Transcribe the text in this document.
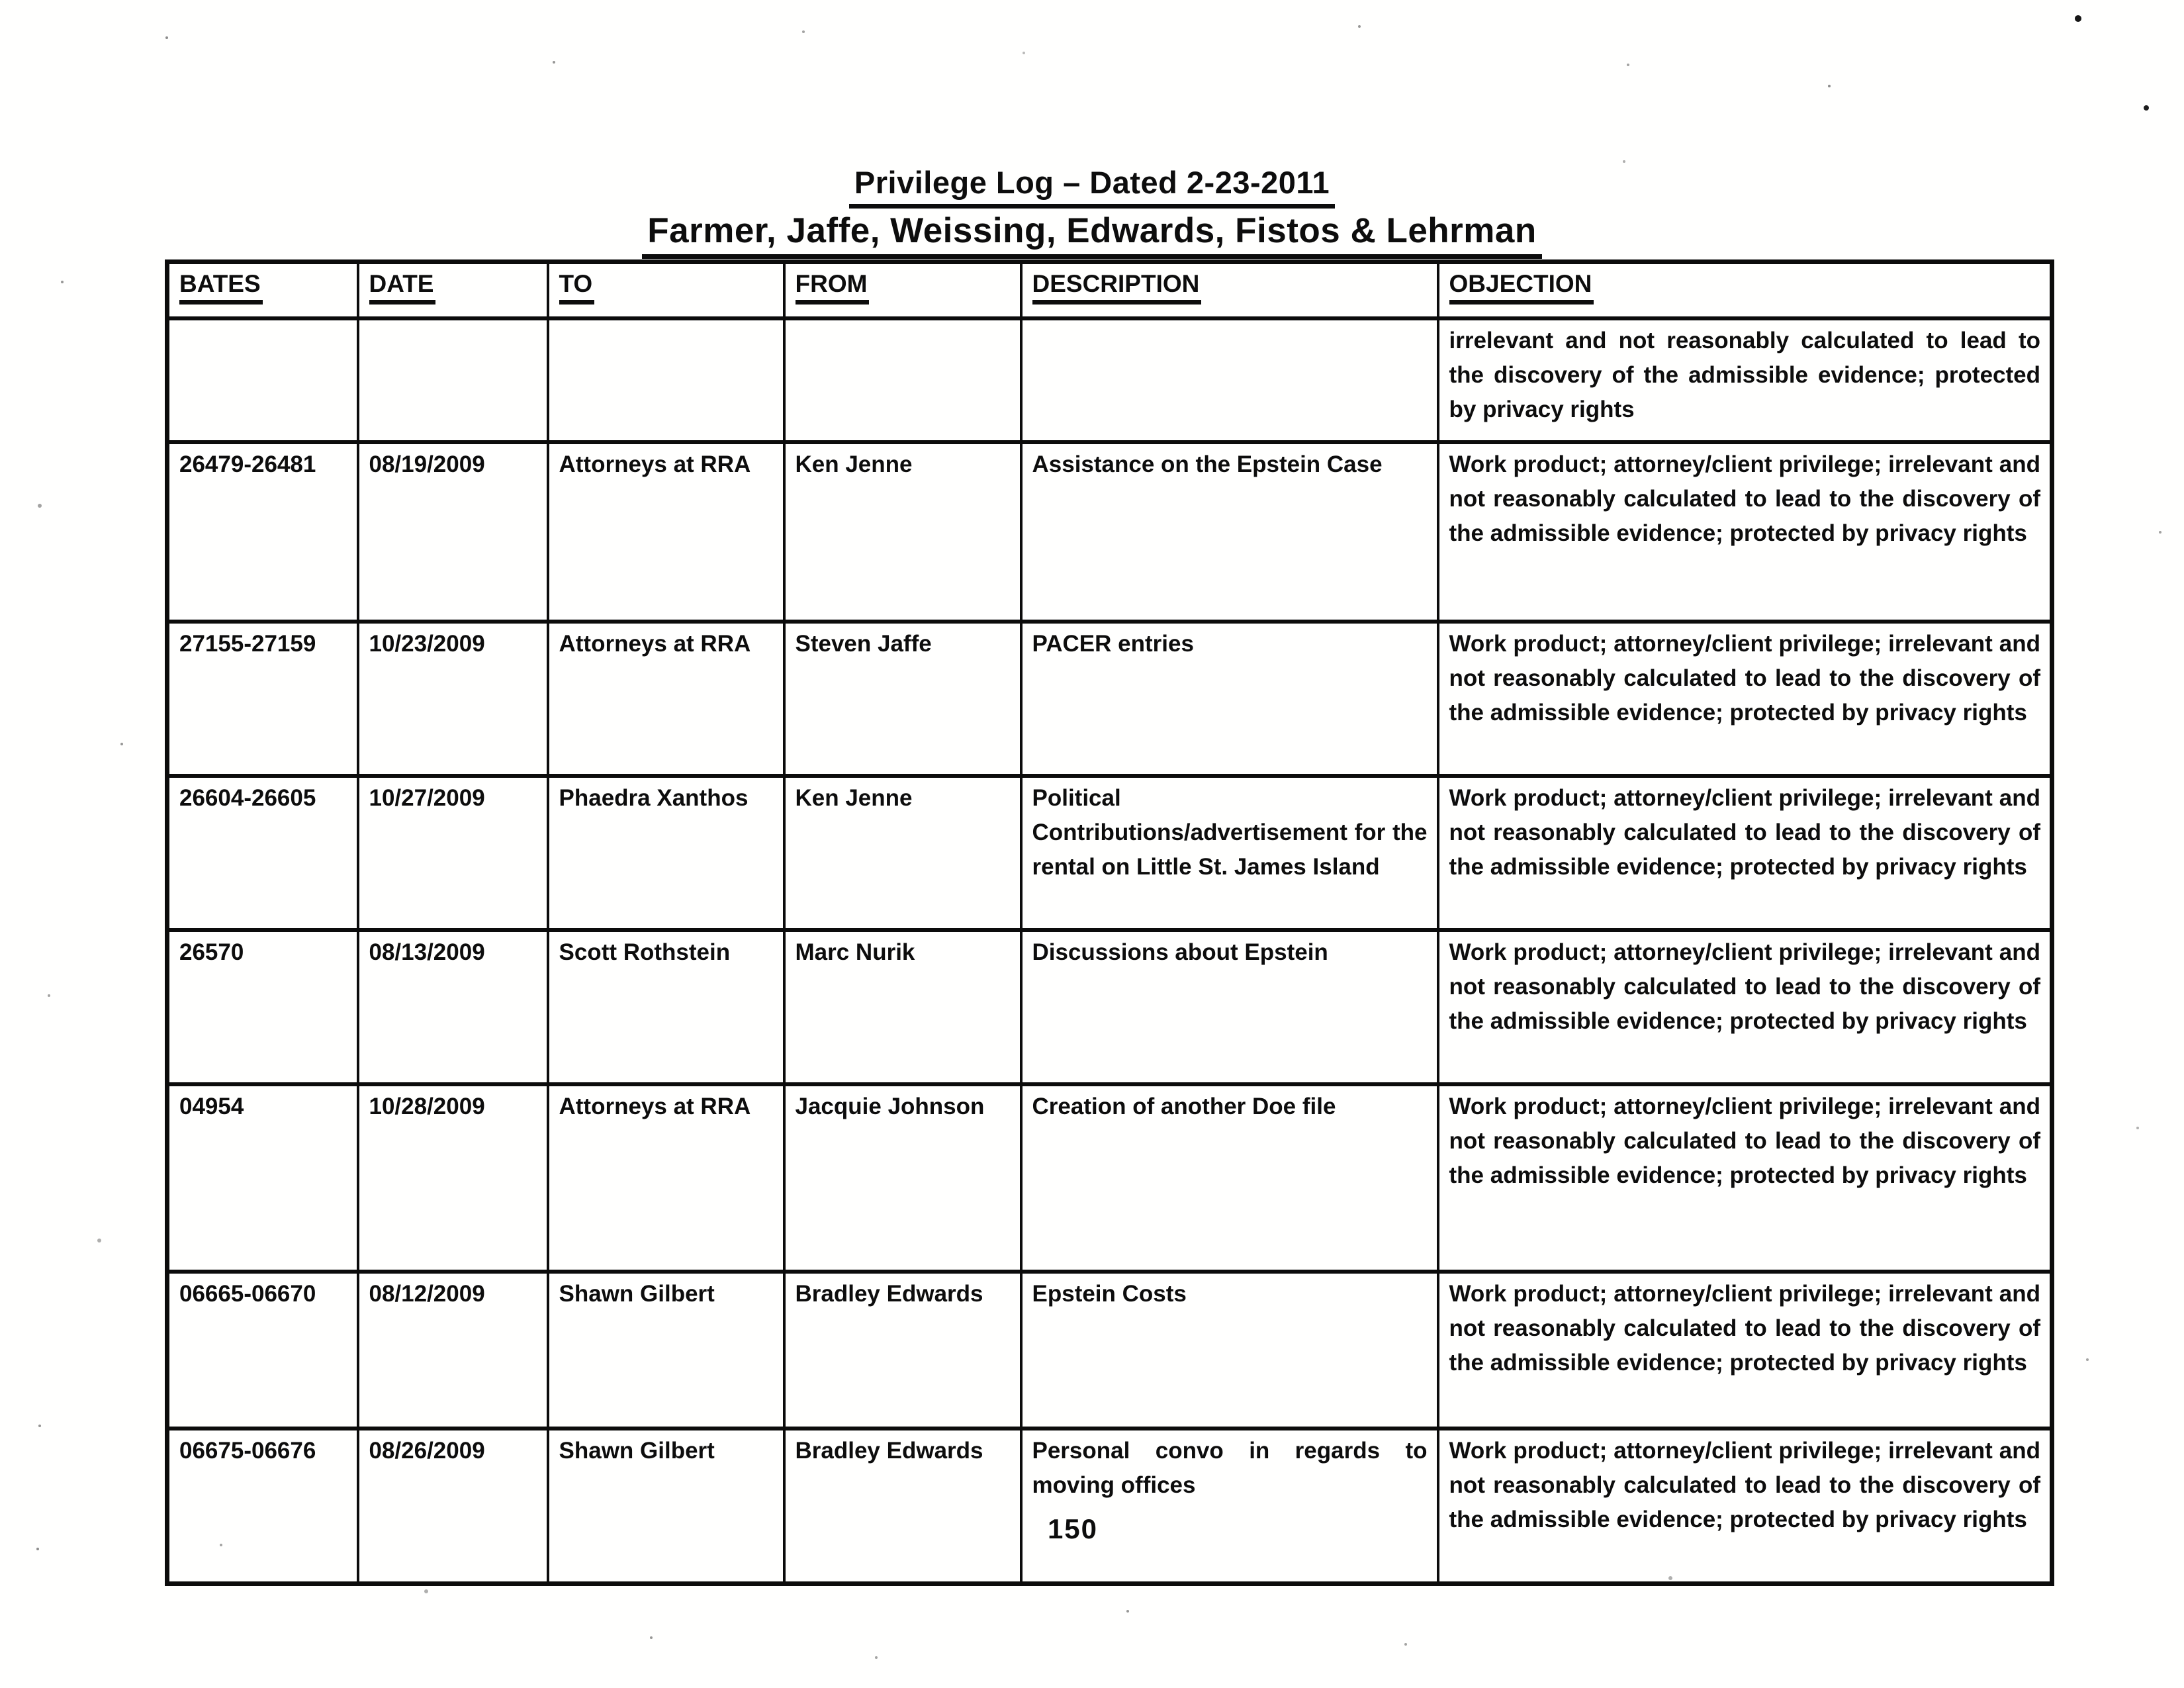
Privilege Log – Dated 2-23-2011
Farmer, Jaffe, Weissing, Edwards, Fistos & Lehrman
BATES	DATE	TO	FROM	DESCRIPTION	OBJECTION
					irrelevant and not reasonably calculated to lead to the discovery of the admissible evidence; protected by privacy rights
26479-26481	08/19/2009	Attorneys at RRA	Ken Jenne	Assistance on the Epstein Case	Work product; attorney/client privilege; irrelevant and not reasonably calculated to lead to the discovery of the admissible evidence; protected by privacy rights
27155-27159	10/23/2009	Attorneys at RRA	Steven Jaffe	PACER entries	Work product; attorney/client privilege; irrelevant and not reasonably calculated to lead to the discovery of the admissible evidence; protected by privacy rights
26604-26605	10/27/2009	Phaedra Xanthos	Ken Jenne	Political Contributions/advertisement for the rental on Little St. James Island	Work product; attorney/client privilege; irrelevant and not reasonably calculated to lead to the discovery of the admissible evidence; protected by privacy rights
26570	08/13/2009	Scott Rothstein	Marc Nurik	Discussions about Epstein	Work product; attorney/client privilege; irrelevant and not reasonably calculated to lead to the discovery of the admissible evidence; protected by privacy rights
04954	10/28/2009	Attorneys at RRA	Jacquie Johnson	Creation of another Doe file	Work product; attorney/client privilege; irrelevant and not reasonably calculated to lead to the discovery of the admissible evidence; protected by privacy rights
06665-06670	08/12/2009	Shawn Gilbert	Bradley Edwards	Epstein Costs	Work product; attorney/client privilege; irrelevant and not reasonably calculated to lead to the discovery of the admissible evidence; protected by privacy rights
06675-06676	08/26/2009	Shawn Gilbert	Bradley Edwards	Personal convo in regards to moving offices	Work product; attorney/client privilege; irrelevant and not reasonably calculated to lead to the discovery of the admissible evidence; protected by privacy rights
150
